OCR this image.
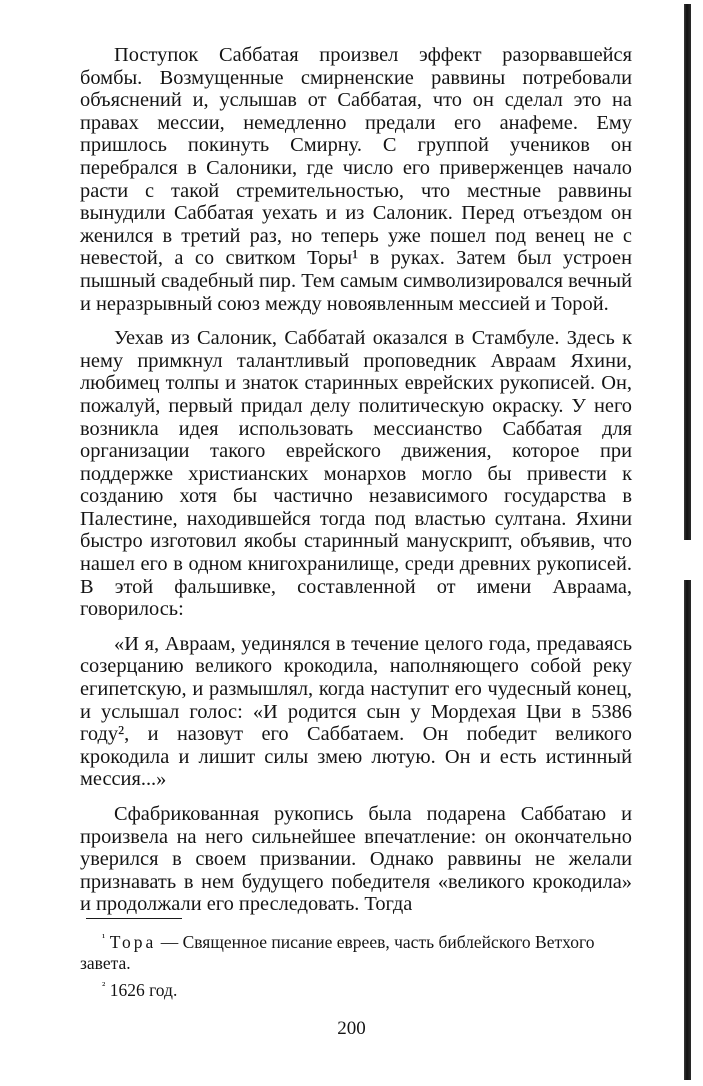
Поступок Саббатая произвел эффект разорвавшейся бомбы. Возмущенные смирненские раввины потребовали объяснений и, услышав от Саббатая, что он сделал это на правах мессии, немедленно предали его анафеме. Ему пришлось покинуть Смирну. С группой учеников он перебрался в Салоники, где число его приверженцев начало расти с такой стремительностью, что местные раввины вынудили Саббатая уехать и из Салоник. Перед отъездом он женился в третий раз, но теперь уже пошел под венец не с невестой, а со свитком Торы¹ в руках. Затем был устроен пышный свадебный пир. Тем самым символизировался вечный и неразрывный союз между новоявленным мессией и Торой.

Уехав из Салоник, Саббатай оказался в Стамбуле. Здесь к нему примкнул талантливый проповедник Авраам Яхини, любимец толпы и знаток старинных еврейских рукописей. Он, пожалуй, первый придал делу политическую окраску. У него возникла идея использовать мессианство Саббатая для организации такого еврейского движения, которое при поддержке христианских монархов могло бы привести к созданию хотя бы частично независимого государства в Палестине, находившейся тогда под властью султана. Яхини быстро изготовил якобы старинный манускрипт, объявив, что нашел его в одном книгохранилище, среди древних рукописей. В этой фальшивке, составленной от имени Авраама, говорилось:

«И я, Авраам, уединялся в течение целого года, предаваясь созерцанию великого крокодила, наполняющего собой реку египетскую, и размышлял, когда наступит его чудесный конец, и услышал голос: «И родится сын у Мордехая Цви в 5386 году², и назовут его Саббатаем. Он победит великого крокодила и лишит силы змею лютую. Он и есть истинный мессия...»

Сфабрикованная рукопись была подарена Саббатаю и произвела на него сильнейшее впечатление: он окончательно уверился в своем призвании. Однако раввины не желали признавать в нем будущего победителя «великого крокодила» и продолжали его преследовать. Тогда

$^{^1}$ Тора — Священное писание евреев, часть библейского Ветхого завета.

$^{^2}$ 1626 год.

200
